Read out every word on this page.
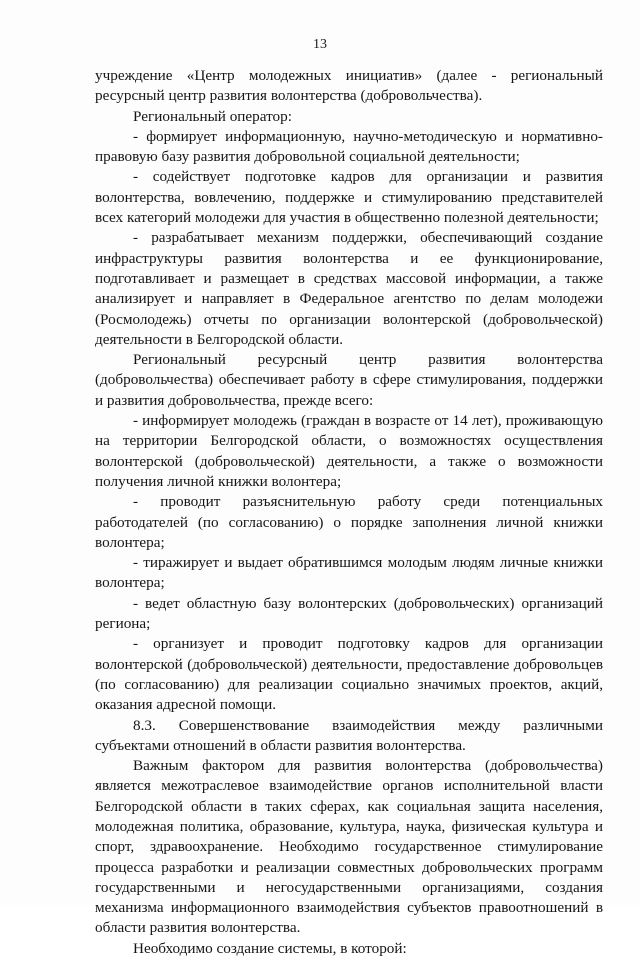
13

учреждение «Центр молодежных инициатив» (далее - региональный ресурсный центр развития волонтерства (добровольчества).

Региональный оператор:

- формирует информационную, научно-методическую и нормативно-правовую базу развития добровольной социальной деятельности;

- содействует подготовке кадров для организации и развития волонтерства, вовлечению, поддержке и стимулированию представителей всех категорий молодежи для участия в общественно полезной деятельности;

- разрабатывает механизм поддержки, обеспечивающий создание инфраструктуры развития волонтерства и ее функционирование, подготавливает и размещает в средствах массовой информации, а также анализирует и направляет в Федеральное агентство по делам молодежи (Росмолодежь) отчеты по организации волонтерской (добровольческой) деятельности в Белгородской области.

Региональный ресурсный центр развития волонтерства (добровольчества) обеспечивает работу в сфере стимулирования, поддержки и развития добровольчества, прежде всего:

- информирует молодежь (граждан в возрасте от 14 лет), проживающую на территории Белгородской области, о возможностях осуществления волонтерской (добровольческой) деятельности, а также о возможности получения личной книжки волонтера;

- проводит разъяснительную работу среди потенциальных работодателей (по согласованию) о порядке заполнения личной книжки волонтера;

- тиражирует и выдает обратившимся молодым людям личные книжки волонтера;

- ведет областную базу волонтерских (добровольческих) организаций региона;

- организует и проводит подготовку кадров для организации волонтерской (добровольческой) деятельности, предоставление добровольцев (по согласованию) для реализации социально значимых проектов, акций, оказания адресной помощи.

8.3. Совершенствование взаимодействия между различными субъектами отношений в области развития волонтерства.

Важным фактором для развития волонтерства (добровольчества) является межотраслевое взаимодействие органов исполнительной власти Белгородской области в таких сферах, как социальная защита населения, молодежная политика, образование, культура, наука, физическая культура и спорт, здравоохранение. Необходимо государственное стимулирование процесса разработки и реализации совместных добровольческих программ государственными и негосударственными организациями, создания механизма информационного взаимодействия субъектов правоотношений в области развития волонтерства.

Необходимо создание системы, в которой:
